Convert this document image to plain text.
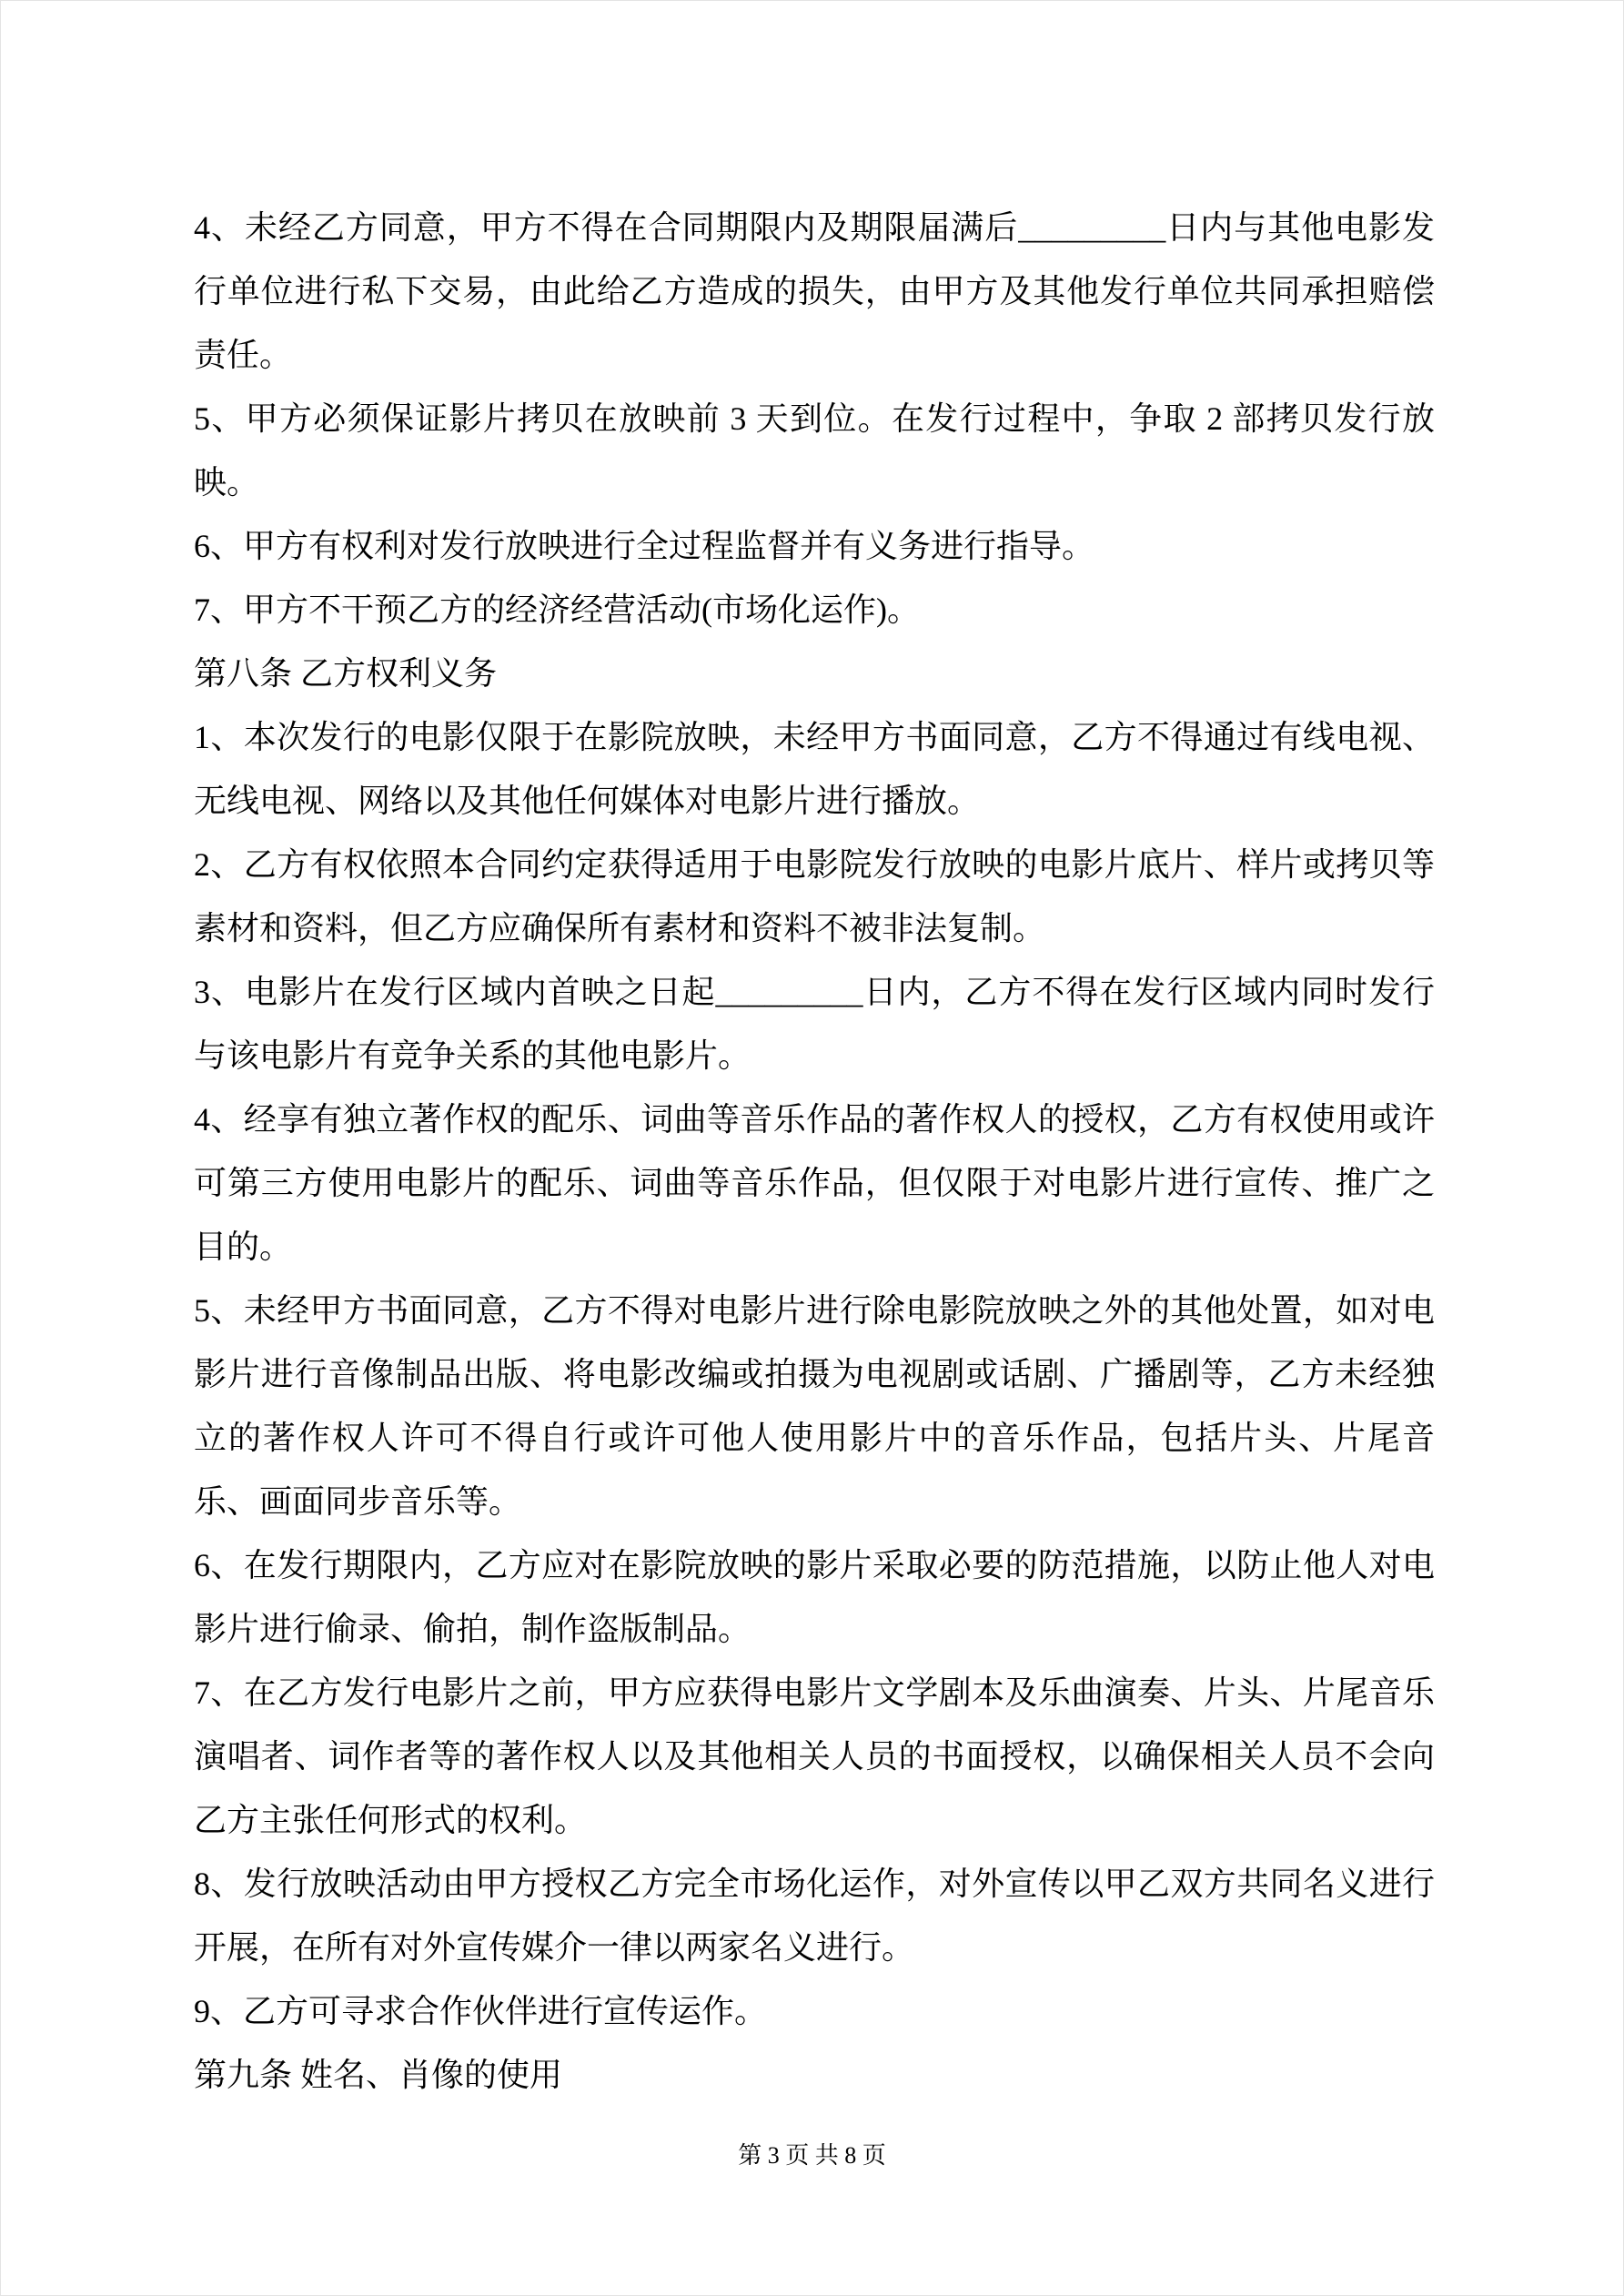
4、未经乙方同意，甲方不得在合同期限内及期限届满后_________日内与其他电影发行单位进行私下交易，由此给乙方造成的损失，由甲方及其他发行单位共同承担赔偿责任。

5、甲方必须保证影片拷贝在放映前 3 天到位。在发行过程中，争取 2 部拷贝发行放映。

6、甲方有权利对发行放映进行全过程监督并有义务进行指导。

7、甲方不干预乙方的经济经营活动(市场化运作)。

第八条 乙方权利义务

1、本次发行的电影仅限于在影院放映，未经甲方书面同意，乙方不得通过有线电视、无线电视、网络以及其他任何媒体对电影片进行播放。

2、乙方有权依照本合同约定获得适用于电影院发行放映的电影片底片、样片或拷贝等素材和资料，但乙方应确保所有素材和资料不被非法复制。

3、电影片在发行区域内首映之日起_________日内，乙方不得在发行区域内同时发行与该电影片有竞争关系的其他电影片。

4、经享有独立著作权的配乐、词曲等音乐作品的著作权人的授权，乙方有权使用或许可第三方使用电影片的配乐、词曲等音乐作品，但仅限于对电影片进行宣传、推广之目的。

5、未经甲方书面同意，乙方不得对电影片进行除电影院放映之外的其他处置，如对电影片进行音像制品出版、将电影改编或拍摄为电视剧或话剧、广播剧等，乙方未经独立的著作权人许可不得自行或许可他人使用影片中的音乐作品，包括片头、片尾音乐、画面同步音乐等。

6、在发行期限内，乙方应对在影院放映的影片采取必要的防范措施，以防止他人对电影片进行偷录、偷拍，制作盗版制品。

7、在乙方发行电影片之前，甲方应获得电影片文学剧本及乐曲演奏、片头、片尾音乐演唱者、词作者等的著作权人以及其他相关人员的书面授权，以确保相关人员不会向乙方主张任何形式的权利。

8、发行放映活动由甲方授权乙方完全市场化运作，对外宣传以甲乙双方共同名义进行开展，在所有对外宣传媒介一律以两家名义进行。

9、乙方可寻求合作伙伴进行宣传运作。

第九条 姓名、肖像的使用

第 3 页 共 8 页
